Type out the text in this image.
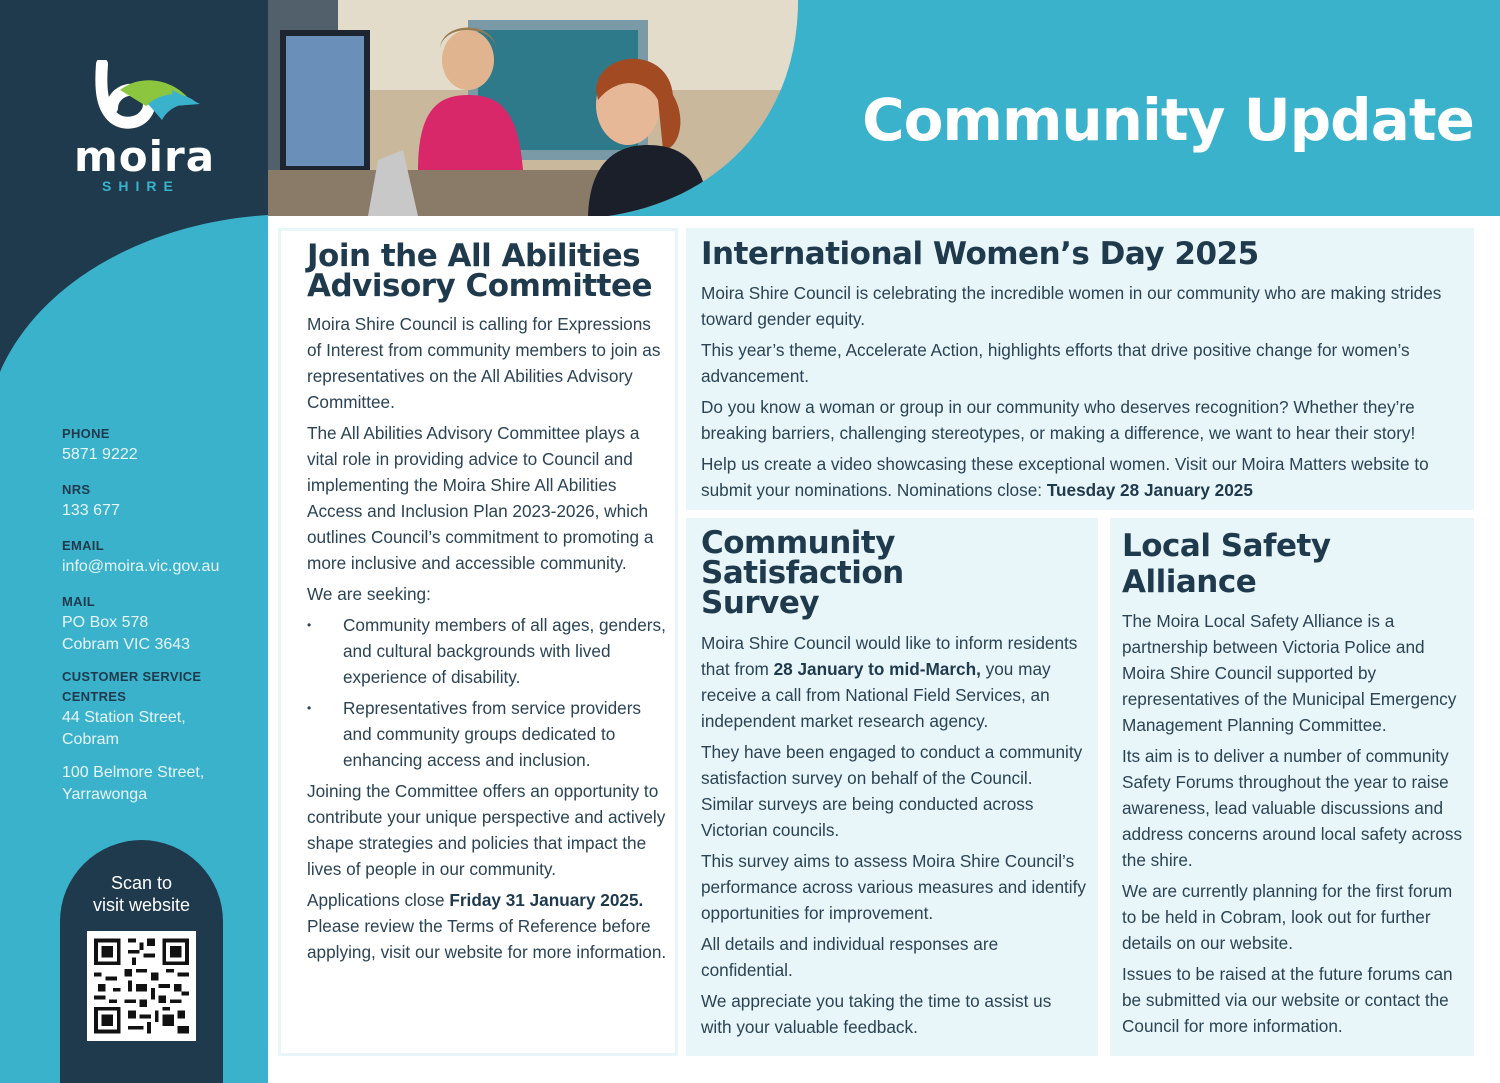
moira
SHIRE
PHONE
5871 9222
NRS
133 677
EMAIL
info@moira.vic.gov.au
MAIL
PO Box 578
Cobram VIC 3643
CUSTOMER SERVICE
CENTRES
44 Station Street,
Cobram
100 Belmore Street,
Yarrawonga
Scan to
visit website
Community Update
Join the All Abilities
Advisory Committee

Moira Shire Council is calling for Expressions of Interest from community members to join as representatives on the All Abilities Advisory Committee.

The All Abilities Advisory Committee plays a vital role in providing advice to Council and implementing the Moira Shire All Abilities Access and Inclusion Plan 2023-2026, which outlines Council’s commitment to promoting a more inclusive and accessible community.

We are seeking:

• Community members of all ages, genders, and cultural backgrounds with lived experience of disability.
• Representatives from service providers and community groups dedicated to enhancing access and inclusion.

Joining the Committee offers an opportunity to contribute your unique perspective and actively shape strategies and policies that impact the lives of people in our community.

Applications close Friday 31 January 2025. Please review the Terms of Reference before applying, visit our website for more information.

International Women’s Day 2025

Moira Shire Council is celebrating the incredible women in our community who are making strides toward gender equity.

This year’s theme, Accelerate Action, highlights efforts that drive positive change for women’s advancement.

Do you know a woman or group in our community who deserves recognition? Whether they’re breaking barriers, challenging stereotypes, or making a difference, we want to hear their story!

Help us create a video showcasing these exceptional women. Visit our Moira Matters website to submit your nominations. Nominations close: Tuesday 28 January 2025

Community Satisfaction
Survey

Moira Shire Council would like to inform residents that from 28 January to mid-March, you may receive a call from National Field Services, an independent market research agency.

They have been engaged to conduct a community satisfaction survey on behalf of the Council. Similar surveys are being conducted across Victorian councils.

This survey aims to assess Moira Shire Council’s performance across various measures and identify opportunities for improvement.

All details and individual responses are confidential.

We appreciate you taking the time to assist us with your valuable feedback.

Local Safety Alliance

The Moira Local Safety Alliance is a partnership between Victoria Police and Moira Shire Council supported by representatives of the Municipal Emergency Management Planning Committee.

Its aim is to deliver a number of community Safety Forums throughout the year to raise awareness, lead valuable discussions and address concerns around local safety across the shire.

We are currently planning for the first forum to be held in Cobram, look out for further details on our website.

Issues to be raised at the future forums can be submitted via our website or contact the Council for more information.
